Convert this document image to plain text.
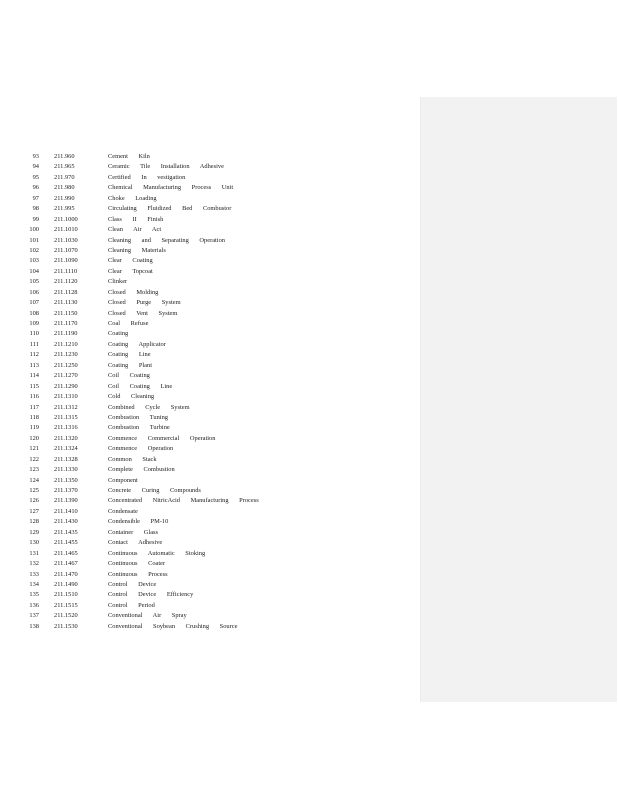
93 211.960	Cement Kiln
94 211.965	Ceramic Tile Installation Adhesive
95 211.970	Certified In vestigation
96 211.980	Chemical Manufacturing Process Unit
97 211.990	Choke Loading
98 211.995	Circulating Fluidized Bed Combustor
99 211.1000	Class II Finish
100 211.1010	Clean Air Act
101 211.1030	Cleaning and Separating Operation
102 211.1070	Cleaning Materials
103 211.1090	Clear Coating
104 211.1110	Clear Topcoat
105 211.1120	Clinker
106 211.1128	Closed Molding
107 211.1130	Closed Purge System
108 211.1150	Closed Vent System
109 211.1170	Coal Refuse
110 211.1190	Coating
111 211.1210	Coating Applicator
112 211.1230	Coating Line
113 211.1250	Coating Plant
114 211.1270	Coil Coating
115 211.1290	Coil Coating Line
116 211.1310	Cold Cleaning
117 211.1312	Combined Cycle System
118 211.1315	Combustion Tuning
119 211.1316	Combustion Turbine
120 211.1320	Commence Commercial Operation
121 211.1324	Commence Operation
122 211.1328	Common Stack
123 211.1330	Complete Combustion
124 211.1350	Component
125 211.1370	Concrete Curing Compounds
126 211.1390	Concentrated NitricAcid Manufacturing Process
127 211.1410	Condensate
128 211.1430	Condensible PM-10
129 211.1435	Container Glass
130 211.1455	Contact Adhesive
131 211.1465	Continuous Automatic Stoking
132 211.1467	Continuous Coater
133 211.1470	Continuous Process
134 211.1490	Control Device
135 211.1510	Control Device Efficiency
136 211.1515	Control Period
137 211.1520	Conventional Air Spray
138 211.1530	Conventional Soybean Crushing Source
